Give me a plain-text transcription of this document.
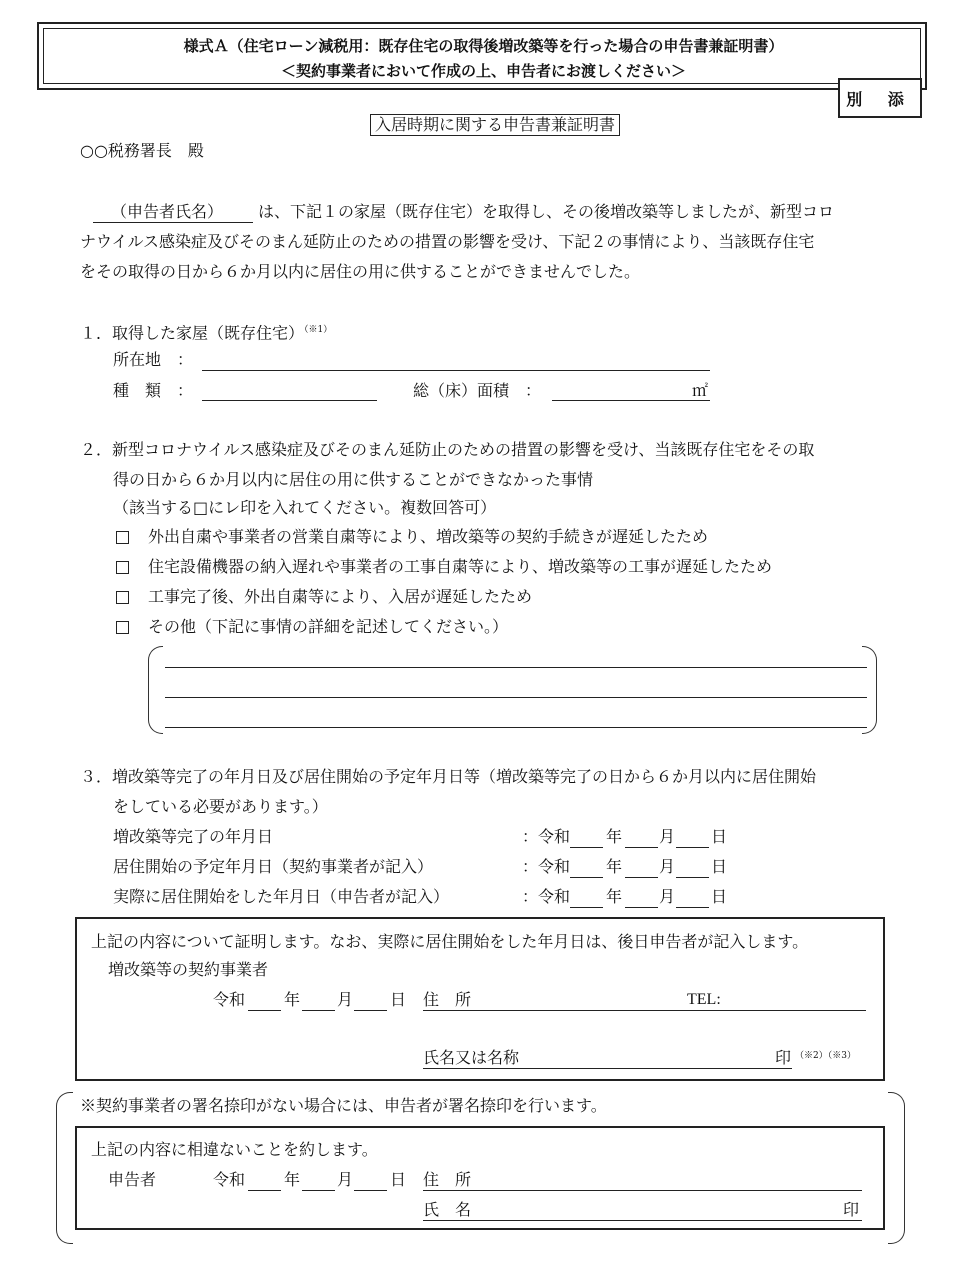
様式Ａ（住宅ローン減税用：既存住宅の取得後増改築等を行った場合の申告書兼証明書）
＜契約事業者において作成の上、申告者にお渡しください＞
別 添
入居時期に関する申告書兼証明書
○○税務署長　殿
（申告者氏名）	は、下記１の家屋（既存住宅）を取得し、その後増改築等しましたが、新型コロ
ナウイルス感染症及びそのまん延防止のための措置の影響を受け、下記２の事情により、当該既存住宅
をその取得の日から６か月以内に居住の用に供することができませんでした。
１．取得した家屋（既存住宅）$^{(※1)}$
所在地　：
種　類　：	総（床）面積　：	㎡
２．新型コロナウイルス感染症及びそのまん延防止のための措置の影響を受け、当該既存住宅をその取
得の日から６か月以内に居住の用に供することができなかった事情
（該当する□にレ印を入れてください。複数回答可）
外出自粛や事業者の営業自粛等により、増改築等の契約手続きが遅延したため
住宅設備機器の納入遅れや事業者の工事自粛等により、増改築等の工事が遅延したため
工事完了後、外出自粛等により、入居が遅延したため
その他（下記に事情の詳細を記述してください。）
３．増改築等完了の年月日及び居住開始の予定年月日等（増改築等完了の日から６か月以内に居住開始
をしている必要があります。）
増改築等完了の年月日	：令和 年 月 日
居住開始の予定年月日（契約事業者が記入）	：令和 年 月 日
実際に居住開始をした年月日（申告者が記入）	：令和 年 月 日
上記の内容について証明します。なお、実際に居住開始をした年月日は、後日申告者が記入します。
増改築等の契約事業者
令和 年 月 日 住　所	TEL:
氏名又は名称	印 （※2）（※3）
※契約事業者の署名捺印がない場合には、申告者が署名捺印を行います。
上記の内容に相違ないことを約します。
申告者	令和 年 月 日 住　所
氏　名	印
